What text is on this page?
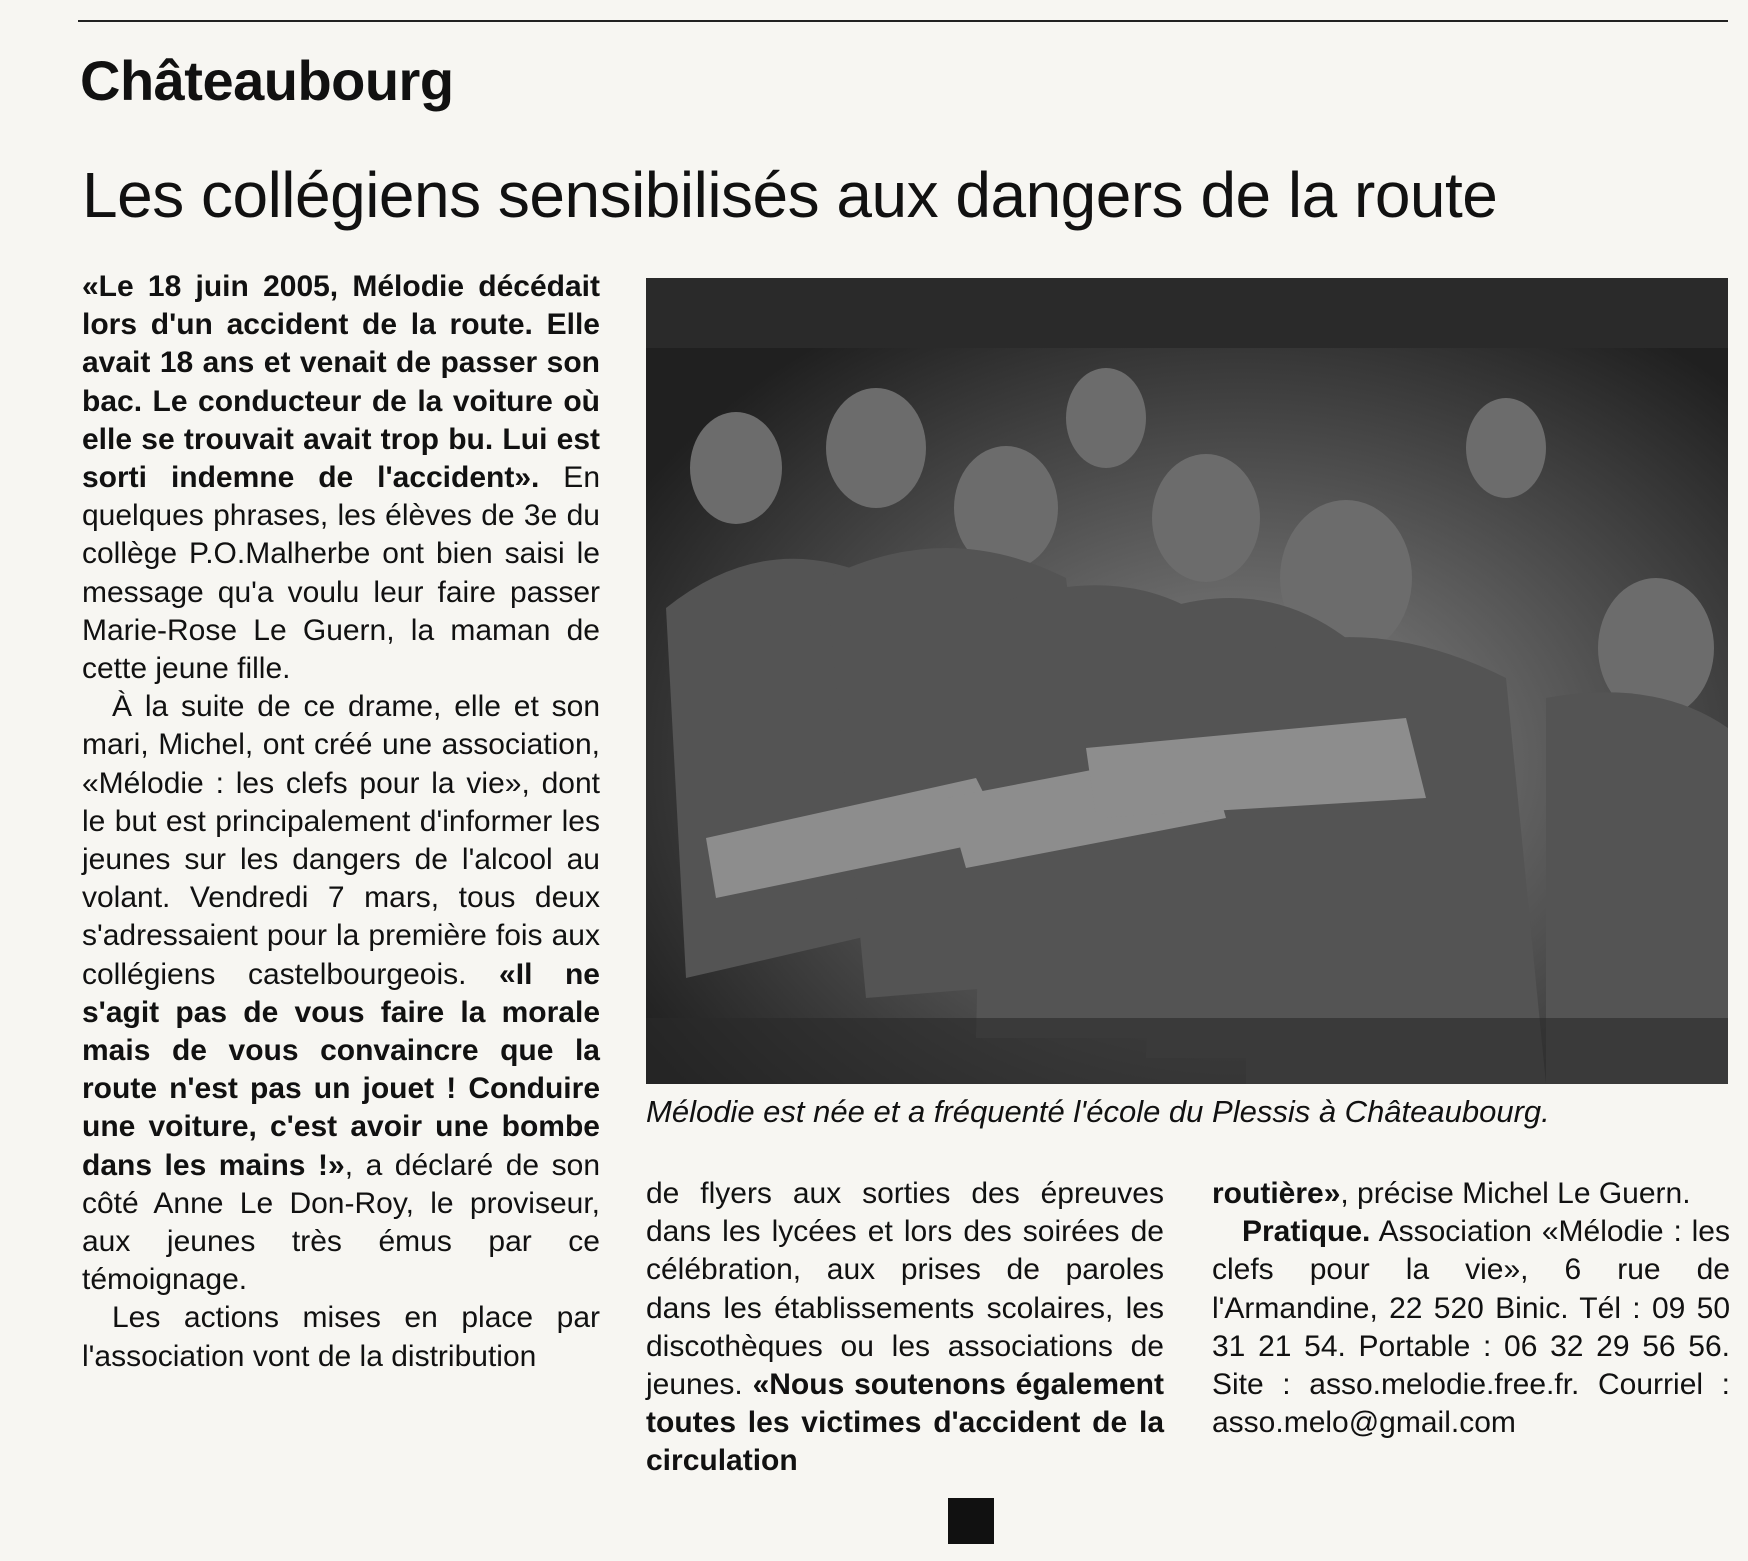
Châteaubourg
Les collégiens sensibilisés aux dangers de la route

«Le 18 juin 2005, Mélodie décédait lors d'un accident de la route. Elle avait 18 ans et venait de passer son bac. Le conducteur de la voiture où elle se trouvait avait trop bu. Lui est sorti indemne de l'accident». En quelques phrases, les élèves de 3e du collège P.O.Malherbe ont bien saisi le message qu'a voulu leur faire passer Marie-Rose Le Guern, la maman de cette jeune fille.

À la suite de ce drame, elle et son mari, Michel, ont créé une association, «Mélodie : les clefs pour la vie», dont le but est principalement d'informer les jeunes sur les dangers de l'alcool au volant. Vendredi 7 mars, tous deux s'adressaient pour la première fois aux collégiens castelbourgeois. «Il ne s'agit pas de vous faire la morale mais de vous convaincre que la route n'est pas un jouet ! Conduire une voiture, c'est avoir une bombe dans les mains !», a déclaré de son côté Anne Le Don-Roy, le proviseur, aux jeunes très émus par ce témoignage.

Les actions mises en place par l'association vont de la distribution

Mélodie est née et a fréquenté l'école du Plessis à Châteaubourg.

de flyers aux sorties des épreuves dans les lycées et lors des soirées de célébration, aux prises de paroles dans les établissements scolaires, les discothèques ou les associations de jeunes. «Nous soutenons également toutes les victimes d'accident de la circulation

routière», précise Michel Le Guern.

Pratique. Association «Mélodie : les clefs pour la vie», 6 rue de l'Armandine, 22 520 Binic. Tél : 09 50 31 21 54. Portable : 06 32 29 56 56. Site : asso.melodie.free.fr. Courriel : asso.melo@gmail.com
